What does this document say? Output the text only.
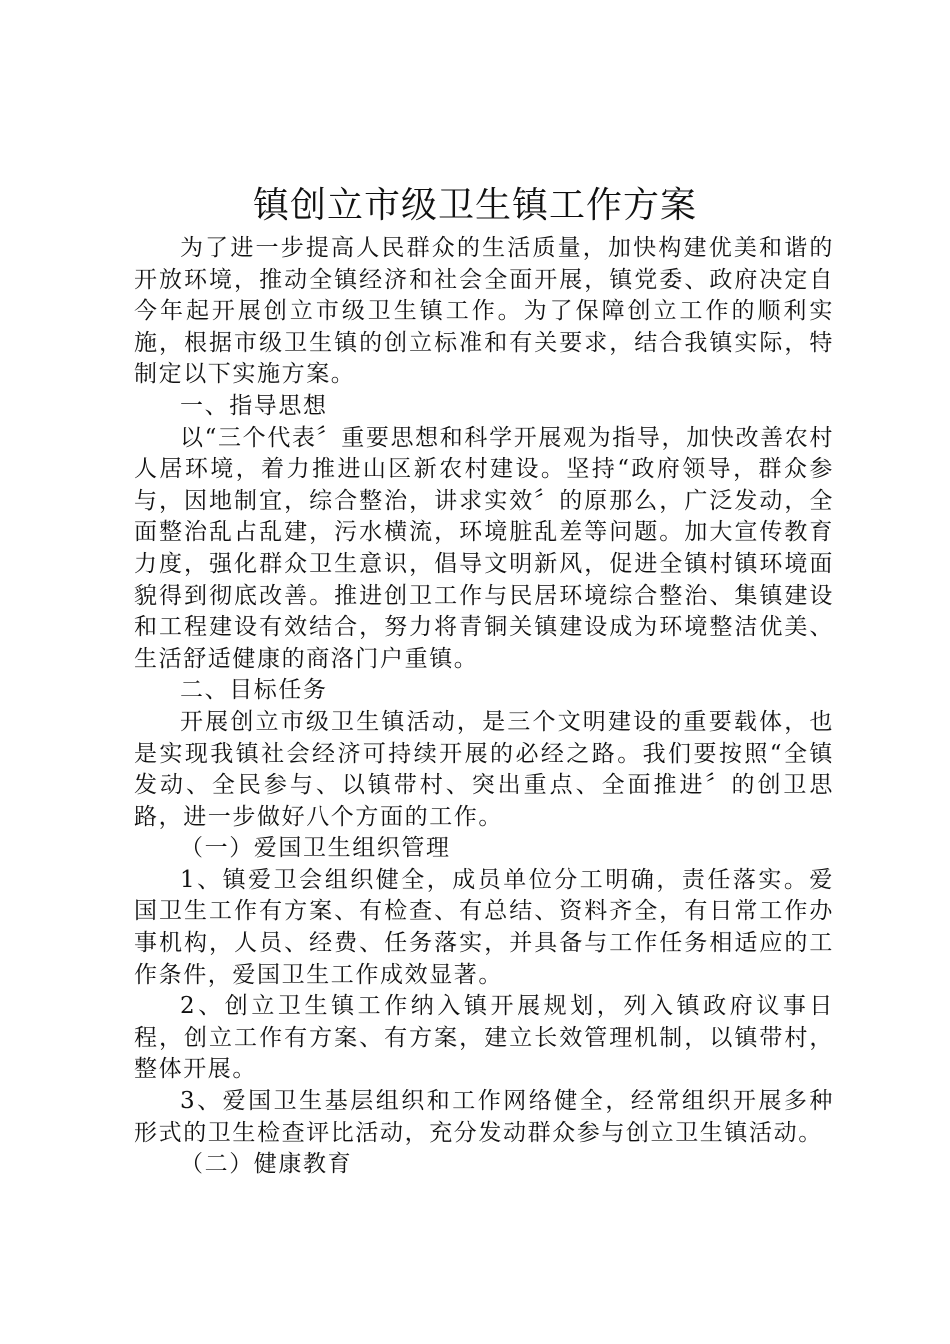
镇创立市级卫生镇工作方案

为了进一步提高人民群众的生活质量，加快构建优美和谐的开放环境，推动全镇经济和社会全面开展，镇党委、政府决定自今年起开展创立市级卫生镇工作。为了保障创立工作的顺利实施，根据市级卫生镇的创立标准和有关要求，结合我镇实际，特制定以下实施方案。

一、指导思想

以“三个代表〞重要思想和科学开展观为指导，加快改善农村人居环境，着力推进山区新农村建设。坚持“政府领导，群众参与，因地制宜，综合整治，讲求实效〞的原那么，广泛发动，全面整治乱占乱建，污水横流，环境脏乱差等问题。加大宣传教育力度，强化群众卫生意识，倡导文明新风，促进全镇村镇环境面貌得到彻底改善。推进创卫工作与民居环境综合整治、集镇建设和工程建设有效结合，努力将青铜关镇建设成为环境整洁优美、生活舒适健康的商洛门户重镇。

二、目标任务

开展创立市级卫生镇活动，是三个文明建设的重要载体，也是实现我镇社会经济可持续开展的必经之路。我们要按照“全镇发动、全民参与、以镇带村、突出重点、全面推进〞的创卫思路，进一步做好八个方面的工作。

（一）爱国卫生组织管理

1、镇爱卫会组织健全，成员单位分工明确，责任落实。爱国卫生工作有方案、有检查、有总结、资料齐全，有日常工作办事机构，人员、经费、任务落实，并具备与工作任务相适应的工作条件，爱国卫生工作成效显著。

2、创立卫生镇工作纳入镇开展规划，列入镇政府议事日程，创立工作有方案、有方案，建立长效管理机制，以镇带村，整体开展。

3、爱国卫生基层组织和工作网络健全，经常组织开展多种形式的卫生检查评比活动，充分发动群众参与创立卫生镇活动。

（二）健康教育
